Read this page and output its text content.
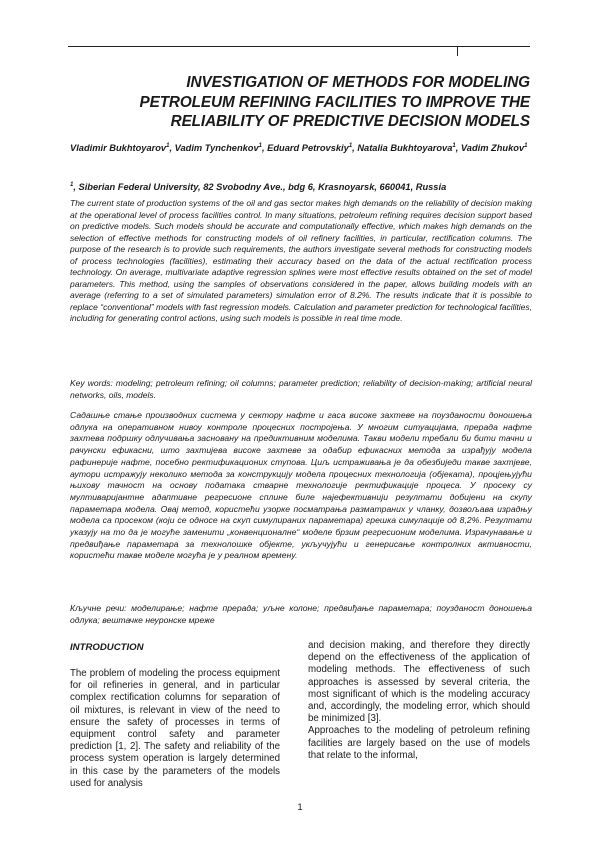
INVESTIGATION OF METHODS FOR MODELING
PETROLEUM REFINING FACILITIES TO IMPROVE THE
RELIABILITY OF PREDICTIVE DECISION MODELS
Vladimir Bukhtoyarov$^1$, Vadim Tynchenkov$^1$, Eduard Petrovskiy$^1$, Natalia Bukhtoyarova$^1$, Vadim Zhukov$^1$
$^1$, Siberian Federal University, 82 Svobodny Ave., bdg 6, Krasnoyarsk, 660041, Russia

The current state of production systems of the oil and gas sector makes high demands on the reliability of decision making at the operational level of process facilities control. In many situations, petroleum refining requires decision support based on predictive models. Such models should be accurate and computationally effective, which makes high demands on the selection of effective methods for constructing models of oil refinery facilities, in particular, rectification columns. The purpose of the research is to provide such requirements, the authors investigate several methods for constructing models of process technologies (facilities), estimating their accuracy based on the data of the actual rectification process technology. On average, multivariate adaptive regression splines were most effective results obtained on the set of model parameters. This method, using the samples of observations considered in the paper, allows building models with an average (referring to a set of simulated parameters) simulation error of 8.2%. The results indicate that it is possible to replace “conventional” models with fast regression models. Calculation and parameter prediction for technological facilities, including for generating control actions, using such models is possible in real time mode.

Key words: modeling; petroleum refining; oil columns; parameter prediction; reliability of decision-making; artificial neural networks, oils, models.

Садашње стање производних система у сектору нафте и гаса високе захтеве на поузданости доношења одлука на оперативном нивоу контроле процесних постројења. У многим ситуацијама, прерада нафте захтева подршку одлучивања засновану на предиктивним моделима. Такви модели требали би бити тачни и рачунски ефикасни, што захтијева високе захтеве за одабир ефикасних метода за израђују модела рафинерије нафте, посебно ректификационих ступова. Циљ истраживања је да обезбиједи такве захтјеве, аутори истражују неколико метода за конструкцију модела процесних технологија (објеката), процјењујући њихову тачност на основу података стварне технологије ректификације процеса. У просеку су мултиваријантне адаптивне регресионе сплине биле најефективнији резултати добијени на скупу параметара модела. Овај метод, користећи узорке посматрања разматраних у чланку, дозвољава израдњу модела са просеком (који се односе на скуп симулираних параметара) грешка симулације од 8,2%. Резултати указују на то да је могуће заменити „конвенционалне“ моделе брзим регресионим моделима. Израчунавање и предвиђање параметара за технолошке објекте, укључујући и генерисање контролних активности, користећи такве моделе могућа је у реалном времену.

Кључне речи: моделирање; нафте прерада; уљне колоне; предвиђање параметара; поузданост доношења одлука; вештачке неуронске мреже

INTRODUCTION

The problem of modeling the process equipment for oil refineries in general, and in particular complex rectification columns for separation of oil mixtures, is relevant in view of the need to ensure the safety of processes in terms of equipment control safety and parameter prediction [1, 2]. The safety and reliability of the process system operation is largely determined in this case by the parameters of the models used for analysis

and decision making, and therefore they directly depend on the effectiveness of the application of modeling methods. The effectiveness of such approaches is assessed by several criteria, the most significant of which is the modeling accuracy and, accordingly, the modeling error, which should be minimized [3].

Approaches to the modeling of petroleum refining facilities are largely based on the use of models that relate to the informal,

1
